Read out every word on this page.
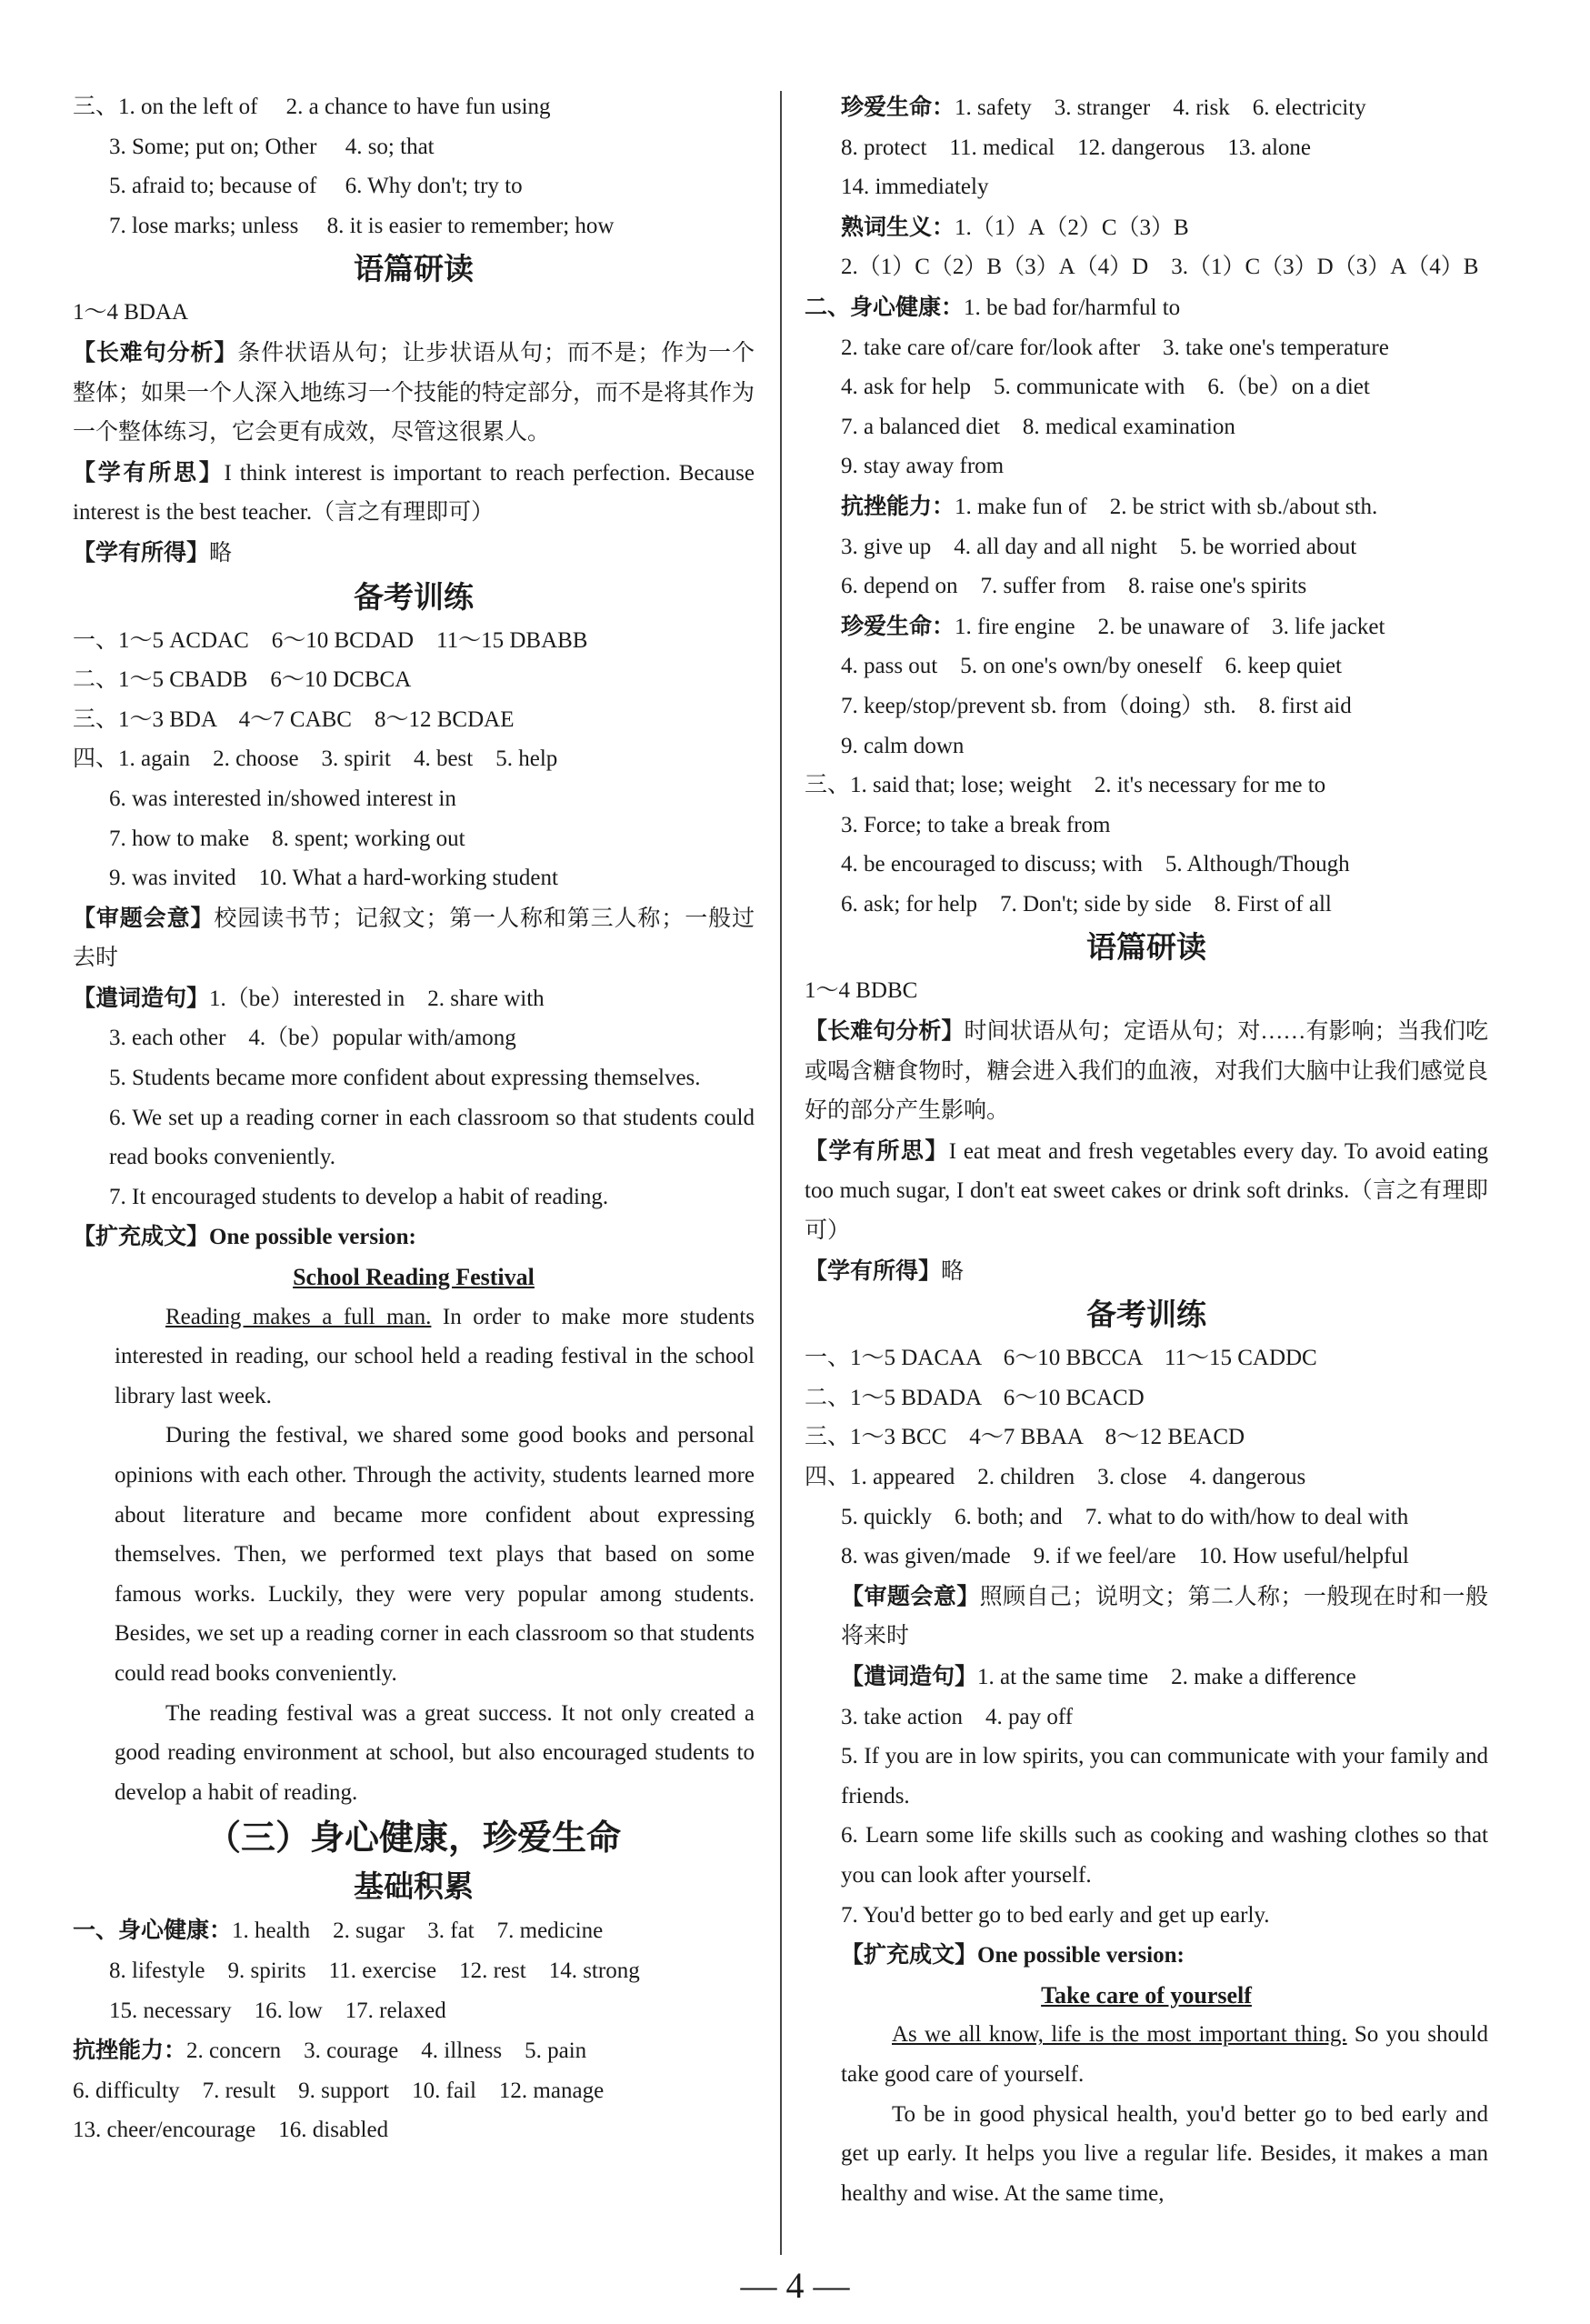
三、1. on the left of　 2. a chance to have fun using
3. Some; put on; Other　 4. so; that
5. afraid to; because of　 6. Why don't; try to
7. lose marks; unless　 8. it is easier to remember; how
语篇研读
1～4 BDAA
【长难句分析】条件状语从句；让步状语从句；而不是；作为一个整体；如果一个人深入地练习一个技能的特定部分，而不是将其作为一个整体练习，它会更有成效，尽管这很累人。
【学有所思】I think interest is important to reach perfection. Because interest is the best teacher.（言之有理即可）
【学有所得】略
备考训练
一、1～5 ACDAC　6～10 BCDAD　11～15 DBABB
二、1～5 CBADB　6～10 DCBCA
三、1～3 BDA　4～7 CABC　8～12 BCDAE
四、1. again　2. choose　3. spirit　4. best　5. help
6. was interested in/showed interest in
7. how to make　8. spent; working out
9. was invited　10. What a hard-working student
【审题会意】校园读书节；记叙文；第一人称和第三人称；一般过去时
【遣词造句】1.（be）interested in　2. share with
3. each other　4.（be）popular with/among
5. Students became more confident about expressing themselves.
6. We set up a reading corner in each classroom so that students could read books conveniently.
7. It encouraged students to develop a habit of reading.
【扩充成文】One possible version:
School Reading Festival

Reading makes a full man. In order to make more students interested in reading, our school held a reading festival in the school library last week.

During the festival, we shared some good books and personal opinions with each other. Through the activity, students learned more about literature and became more confident about expressing themselves. Then, we performed text plays that based on some famous works. Luckily, they were very popular among students. Besides, we set up a reading corner in each classroom so that students could read books conveniently.

The reading festival was a great success. It not only created a good reading environment at school, but also encouraged students to develop a habit of reading.

（三）身心健康，珍爱生命
基础积累
一、身心健康：1. health　2. sugar　3. fat　7. medicine
8. lifestyle　9. spirits　11. exercise　12. rest　14. strong
15. necessary　16. low　17. relaxed
抗挫能力：2. concern　3. courage　4. illness　5. pain
6. difficulty　7. result　9. support　10. fail　12. manage
13. cheer/encourage　16. disabled
珍爱生命：1. safety　3. stranger　4. risk　6. electricity
8. protect　11. medical　12. dangerous　13. alone
14. immediately
熟词生义：1.（1）A（2）C（3）B
2.（1）C（2）B（3）A（4）D　3.（1）C（3）D（3）A（4）B
二、身心健康：1. be bad for/harmful to
2. take care of/care for/look after　3. take one's temperature
4. ask for help　5. communicate with　6.（be）on a diet
7. a balanced diet　8. medical examination
9. stay away from
抗挫能力：1. make fun of　2. be strict with sb./about sth.
3. give up　4. all day and all night　5. be worried about
6. depend on　7. suffer from　8. raise one's spirits
珍爱生命：1. fire engine　2. be unaware of　3. life jacket
4. pass out　5. on one's own/by oneself　6. keep quiet
7. keep/stop/prevent sb. from（doing）sth.　8. first aid
9. calm down
三、1. said that; lose; weight　2. it's necessary for me to
3. Force; to take a break from
4. be encouraged to discuss; with　5. Although/Though
6. ask; for help　7. Don't; side by side　8. First of all
语篇研读
1～4 BDBC
【长难句分析】时间状语从句；定语从句；对……有影响；当我们吃或喝含糖食物时，糖会进入我们的血液，对我们大脑中让我们感觉良好的部分产生影响。
【学有所思】I eat meat and fresh vegetables every day. To avoid eating too much sugar, I don't eat sweet cakes or drink soft drinks.（言之有理即可）
【学有所得】略
备考训练
一、1～5 DACAA　6～10 BBCCA　11～15 CADDC
二、1～5 BDADA　6～10 BCACD
三、1～3 BCC　4～7 BBAA　8～12 BEACD
四、1. appeared　2. children　3. close　4. dangerous
5. quickly　6. both; and　7. what to do with/how to deal with
8. was given/made　9. if we feel/are　10. How useful/helpful
【审题会意】照顾自己；说明文；第二人称；一般现在时和一般将来时
【遣词造句】1. at the same time　2. make a difference
3. take action　4. pay off
5. If you are in low spirits, you can communicate with your family and friends.
6. Learn some life skills such as cooking and washing clothes so that you can look after yourself.
7. You'd better go to bed early and get up early.
【扩充成文】One possible version:
Take care of yourself

As we all know, life is the most important thing. So you should take good care of yourself.

To be in good physical health, you'd better go to bed early and get up early. It helps you live a regular life. Besides, it makes a man healthy and wise. At the same time,

— 4 —
